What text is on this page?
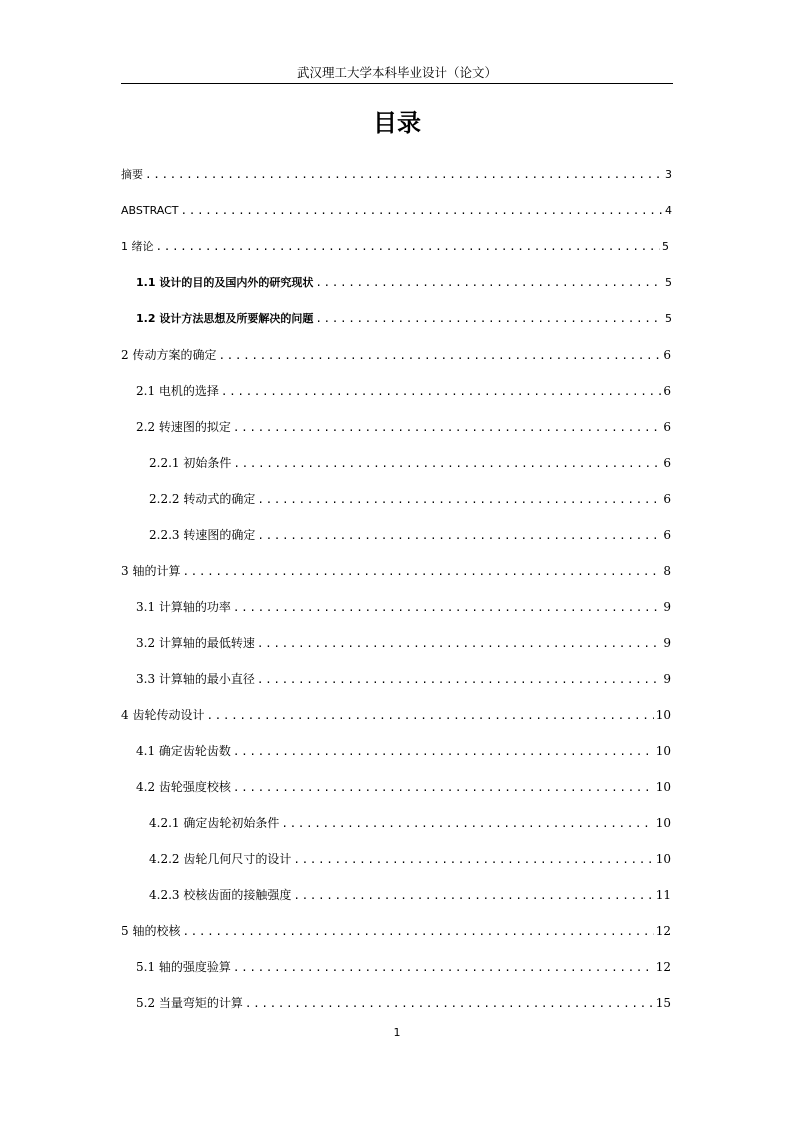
武汉理工大学本科毕业设计（论文）
目录
摘要 .....	3
ABSTRACT .....	4
1 绪论 .....	5
1.1 设计的目的及国内外的研究现状 .....	5
1.2 设计方法思想及所要解决的问题 .....	5
2 传动方案的确定 .....	6
2.1 电机的选择 .....	6
2.2 转速图的拟定 .....	6
2.2.1 初始条件 .....	6
2.2.2 转动式的确定 .....	6
2.2.3 转速图的确定 .....	6
3 轴的计算 .....	8
3.1 计算轴的功率 .....	9
3.2 计算轴的最低转速 .....	9
3.3 计算轴的最小直径 .....	9
4 齿轮传动设计 .....	10
4.1 确定齿轮齿数 .....	10
4.2 齿轮强度校核 .....	10
4.2.1 确定齿轮初始条件 .....	10
4.2.2 齿轮几何尺寸的设计 .....	10
4.2.3 校核齿面的接触强度 .....	11
5 轴的校核 .....	12
5.1 轴的强度验算 .....	12
5.2 当量弯矩的计算 .....	15
1
